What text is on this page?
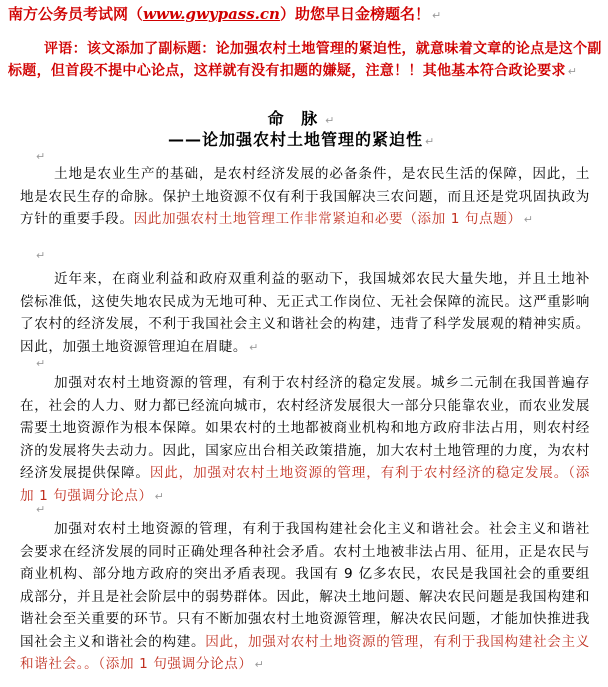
南方公务员考试网（www.gwypass.cn）助您早日金榜题名！ ↵
评语：该文添加了副标题：论加强农村土地管理的紧迫性，就意味着文章的论点是这个副标题，但首段不提中心论点，这样就有没有扣题的嫌疑，注意！！其他基本符合政论要求 ↵
命 脉 ↵
——论加强农村土地管理的紧迫性 ↵
↵
土地是农业生产的基础，是农村经济发展的必备条件，是农民生活的保障，因此，土地是农民生存的命脉。保护土地资源不仅有利于我国解决三农问题，而且还是党巩固执政为方针的重要手段。因此加强农村土地管理工作非常紧迫和必要（添加 1 句点题） ↵
↵
近年来，在商业利益和政府双重利益的驱动下，我国城郊农民大量失地，并且土地补偿标准低，这使失地农民成为无地可种、无正式工作岗位、无社会保障的流民。这严重影响了农村的经济发展，不利于我国社会主义和谐社会的构建，违背了科学发展观的精神实质。因此，加强土地资源管理迫在眉睫。 ↵
↵
加强对农村土地资源的管理，有利于农村经济的稳定发展。城乡二元制在我国普遍存在，社会的人力、财力都已经流向城市，农村经济发展很大一部分只能靠农业，而农业发展需要土地资源作为根本保障。如果农村的土地都被商业机构和地方政府非法占用，则农村经济的发展将失去动力。因此，国家应出台相关政策措施，加大农村土地管理的力度，为农村经济发展提供保障。因此，加强对农村土地资源的管理，有利于农村经济的稳定发展。（添加 1 句强调分论点） ↵
↵
加强对农村土地资源的管理，有利于我国构建社会化主义和谐社会。社会主义和谐社会要求在经济发展的同时正确处理各种社会矛盾。农村土地被非法占用、征用，正是农民与商业机构、部分地方政府的突出矛盾表现。我国有 9 亿多农民，农民是我国社会的重要组成部分，并且是社会阶层中的弱势群体。因此，解决土地问题、解决农民问题是我国构建和谐社会至关重要的环节。只有不断加强农村土地资源管理，解决农民问题，才能加快推进我国社会主义和谐社会的构建。因此，加强对农村土地资源的管理，有利于我国构建社会主义和谐社会。。（添加 1 句强调分论点） ↵
